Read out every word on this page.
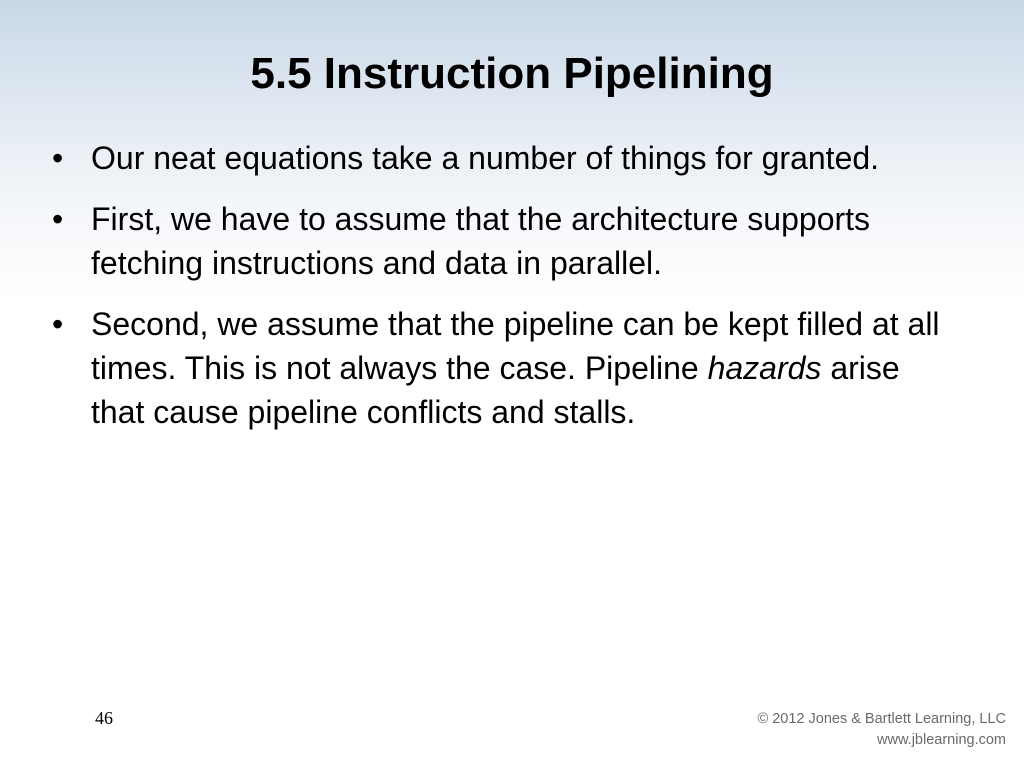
5.5 Instruction Pipelining
• Our neat equations take a number of things for granted.
• First, we have to assume that the architecture supports fetching instructions and data in parallel.
• Second, we assume that the pipeline can be kept filled at all times. This is not always the case. Pipeline hazards arise that cause pipeline conflicts and stalls.
46	© 2012 Jones & Bartlett Learning, LLC
www.jblearning.com
